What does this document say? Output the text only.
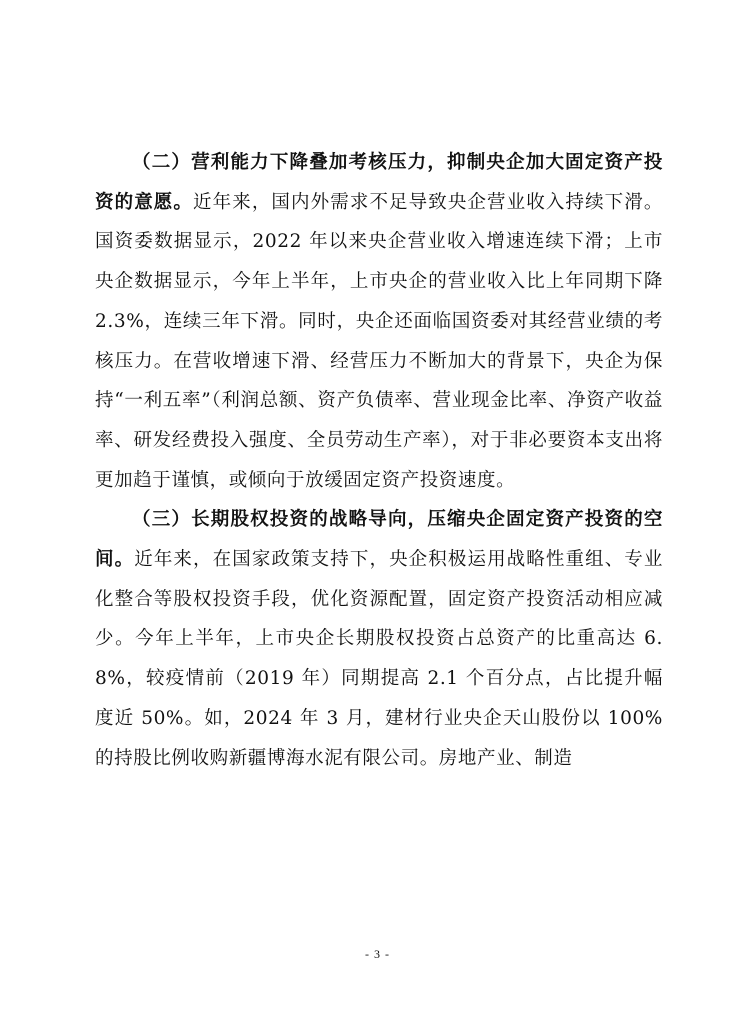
（二）营利能力下降叠加考核压力，抑制央企加大固定资产投资的意愿。近年来，国内外需求不足导致央企营业收入持续下滑。国资委数据显示，2022 年以来央企营业收入增速连续下滑；上市央企数据显示，今年上半年，上市央企的营业收入比上年同期下降 2.3%，连续三年下滑。同时，央企还面临国资委对其经营业绩的考核压力。在营收增速下滑、经营压力不断加大的背景下，央企为保持“一利五率”（利润总额、资产负债率、营业现金比率、净资产收益率、研发经费投入强度、全员劳动生产率），对于非必要资本支出将更加趋于谨慎，或倾向于放缓固定资产投资速度。

（三）长期股权投资的战略导向，压缩央企固定资产投资的空间。近年来，在国家政策支持下，央企积极运用战略性重组、专业化整合等股权投资手段，优化资源配置，固定资产投资活动相应减少。今年上半年，上市央企长期股权投资占总资产的比重高达 6.8%，较疫情前（2019 年）同期提高 2.1 个百分点，占比提升幅度近 50%。如，2024 年 3 月，建材行业央企天山股份以 100%的持股比例收购新疆博海水泥有限公司。房地产业、制造

- 3 -
